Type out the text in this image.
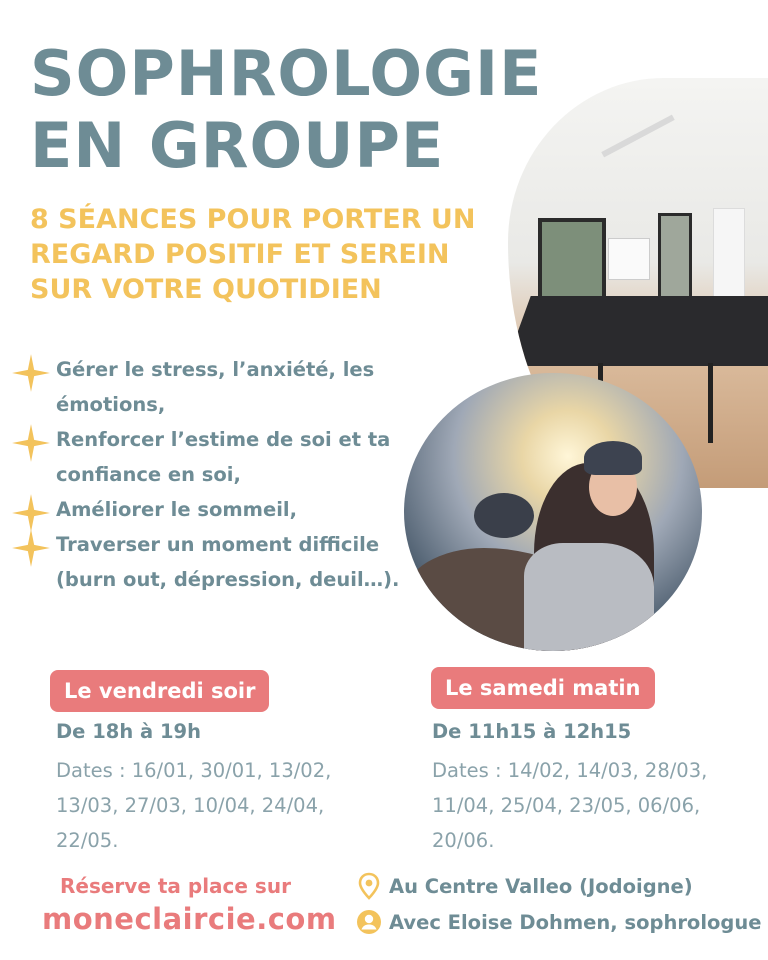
SOPHROLOGIE
EN GROUPE
8 SÉANCES POUR PORTER UN
REGARD POSITIF ET SEREIN
SUR VOTRE QUOTIDIEN
Gérer le stress, l’anxiété, les
émotions,
Renforcer l’estime de soi et ta
confiance en soi,
Améliorer le sommeil,
Traverser un moment difficile
(burn out, dépression, deuil…).
Le vendredi soir
De 18h à 19h
Dates : 16/01, 30/01, 13/02,
13/03, 27/03, 10/04, 24/04,
22/05.
Le samedi matin
De 11h15 à 12h15
Dates : 14/02, 14/03, 28/03,
11/04, 25/04, 23/05, 06/06,
20/06.
Réserve ta place sur
moneclaircie.com
Au Centre Valleo (Jodoigne)
Avec Eloise Dohmen, sophrologue
